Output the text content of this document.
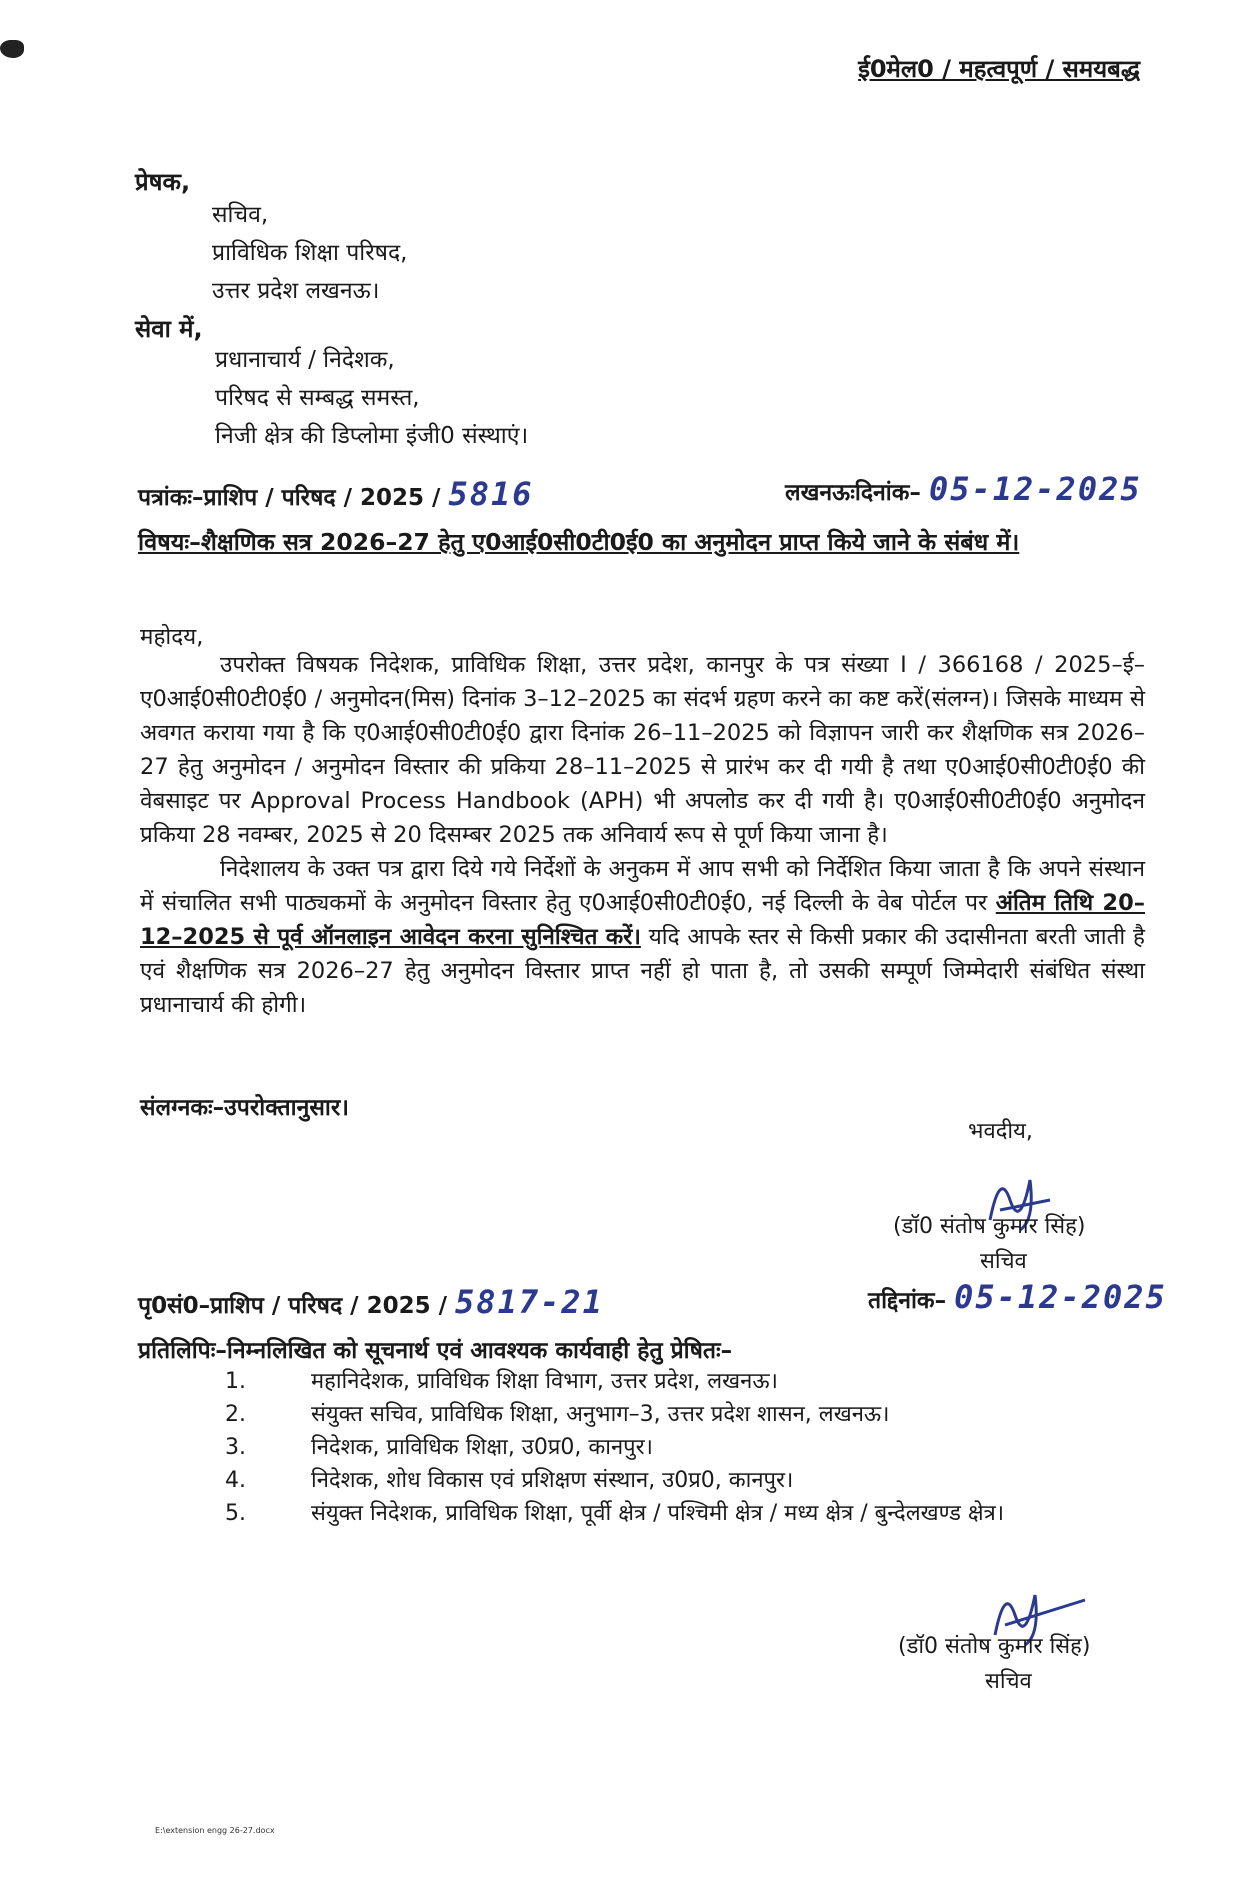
ई0मेल0 / महत्वपूर्ण / समयबद्ध
प्रेषक,
सचिव,
प्राविधिक शिक्षा परिषद,
उत्तर प्रदेश लखनऊ।
सेवा में,
प्रधानाचार्य / निदेशक,
परिषद से सम्बद्ध समस्त,
निजी क्षेत्र की डिप्लोमा इंजी0 संस्थाएं।
पत्रांकः–प्राशिप / परिषद / 2025 / 5816	लखनऊःदिनांक– 05-12-2025
विषयः–शैक्षणिक सत्र 2026–27 हेतु ए0आई0सी0टी0ई0 का अनुमोदन प्राप्त किये जाने के संबंध में।
महोदय,

उपरोक्त विषयक निदेशक, प्राविधिक शिक्षा, उत्तर प्रदेश, कानपुर के पत्र संख्या I / 366168 / 2025–ई–ए0आई0सी0टी0ई0 / अनुमोदन(मिस) दिनांक 3–12–2025 का संदर्भ ग्रहण करने का कष्ट करें(संलग्न)। जिसके माध्यम से अवगत कराया गया है कि ए0आई0सी0टी0ई0 द्वारा दिनांक 26–11–2025 को विज्ञापन जारी कर शैक्षणिक सत्र 2026–27 हेतु अनुमोदन / अनुमोदन विस्तार की प्रकिया 28–11–2025 से प्रारंभ कर दी गयी है तथा ए0आई0सी0टी0ई0 की वेबसाइट पर Approval Process Handbook (APH) भी अपलोड कर दी गयी है। ए0आई0सी0टी0ई0 अनुमोदन प्रकिया 28 नवम्बर, 2025 से 20 दिसम्बर 2025 तक अनिवार्य रूप से पूर्ण किया जाना है।

निदेशालय के उक्त पत्र द्वारा दिये गये निर्देशों के अनुकम में आप सभी को निर्देशित किया जाता है कि अपने संस्थान में संचालित सभी पाठ्यकमों के अनुमोदन विस्तार हेतु ए0आई0सी0टी0ई0, नई दिल्ली के वेब पोर्टल पर अंतिम तिथि 20–12–2025 से पूर्व ऑनलाइन आवेदन करना सुनिश्चित करें। यदि आपके स्तर से किसी प्रकार की उदासीनता बरती जाती है एवं शैक्षणिक सत्र 2026–27 हेतु अनुमोदन विस्तार प्राप्त नहीं हो पाता है, तो उसकी सम्पूर्ण जिम्मेदारी संबंधित संस्था प्रधानाचार्य की होगी।

संलग्नकः–उपरोक्तानुसार।
भवदीय,
(डॉ0 संतोष कुमार सिंह)
सचिव
पृ0सं0–प्राशिप / परिषद / 2025 / 5817-21	तद्दिनांक– 05-12-2025
प्रतिलिपिः–निम्नलिखित को सूचनार्थ एवं आवश्यक कार्यवाही हेतु प्रेषितः–
1.	महानिदेशक, प्राविधिक शिक्षा विभाग, उत्तर प्रदेश, लखनऊ।
2.	संयुक्त सचिव, प्राविधिक शिक्षा, अनुभाग–3, उत्तर प्रदेश शासन, लखनऊ।
3.	निदेशक, प्राविधिक शिक्षा, उ0प्र0, कानपुर।
4.	निदेशक, शोध विकास एवं प्रशिक्षण संस्थान, उ0प्र0, कानपुर।
5.	संयुक्त निदेशक, प्राविधिक शिक्षा, पूर्वी क्षेत्र / पश्चिमी क्षेत्र / मध्य क्षेत्र / बुन्देलखण्ड क्षेत्र।
(डॉ0 संतोष कुमार सिंह)
सचिव
E:\extension engg 26-27.docx
